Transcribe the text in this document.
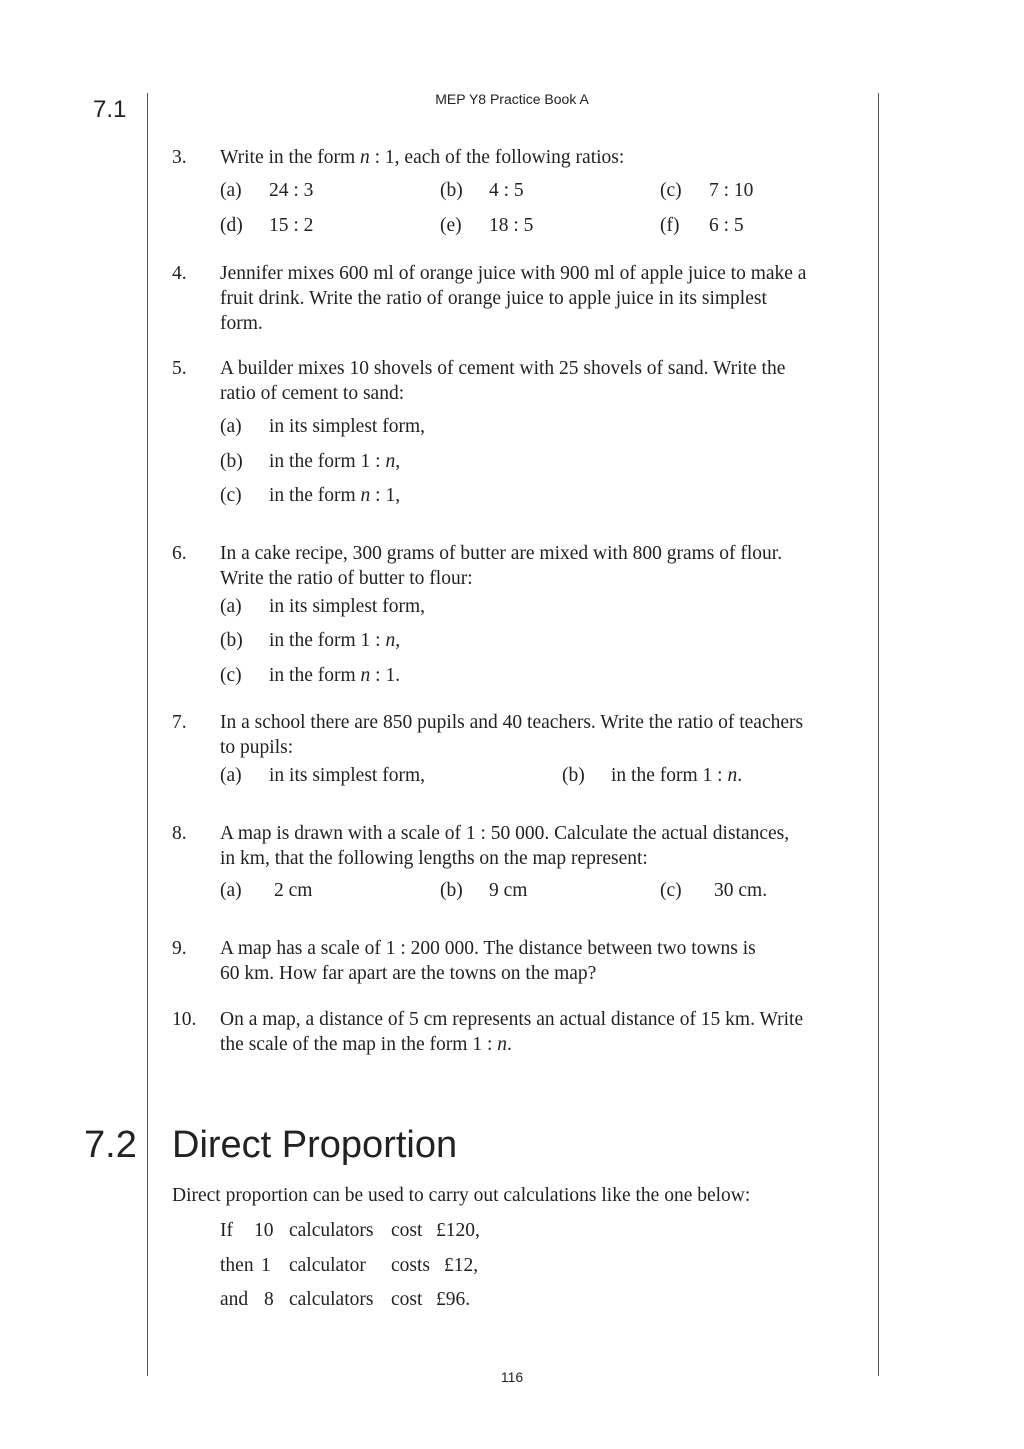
MEP Y8 Practice Book A
7.1
3. Write in the form n : 1, each of the following ratios:
(a) 24 : 3	(b) 4 : 5	(c) 7 : 10
(d) 15 : 2	(e) 18 : 5	(f) 6 : 5
4. Jennifer mixes 600 ml of orange juice with 900 ml of apple juice to make a
fruit drink. Write the ratio of orange juice to apple juice in its simplest
form.
5. A builder mixes 10 shovels of cement with 25 shovels of sand. Write the
ratio of cement to sand:
(a) in its simplest form,
(b) in the form 1 : n,
(c) in the form n : 1,
6. In a cake recipe, 300 grams of butter are mixed with 800 grams of flour.
Write the ratio of butter to flour:
(a) in its simplest form,
(b) in the form 1 : n,
(c) in the form n : 1.
7. In a school there are 850 pupils and 40 teachers. Write the ratio of teachers
to pupils:
(a) in its simplest form,	(b) in the form 1 : n.
8. A map is drawn with a scale of 1 : 50 000. Calculate the actual distances,
in km, that the following lengths on the map represent:
(a) 2 cm	(b) 9 cm	(c) 30 cm.
9. A map has a scale of 1 : 200 000. The distance between two towns is
60 km. How far apart are the towns on the map?
10. On a map, a distance of 5 cm represents an actual distance of 15 km. Write
the scale of the map in the form 1 : n.
7.2 Direct Proportion
Direct proportion can be used to carry out calculations like the one below:
If 10 calculators cost £120,
then 1 calculator costs £12,
and 8 calculators cost £96.
116
